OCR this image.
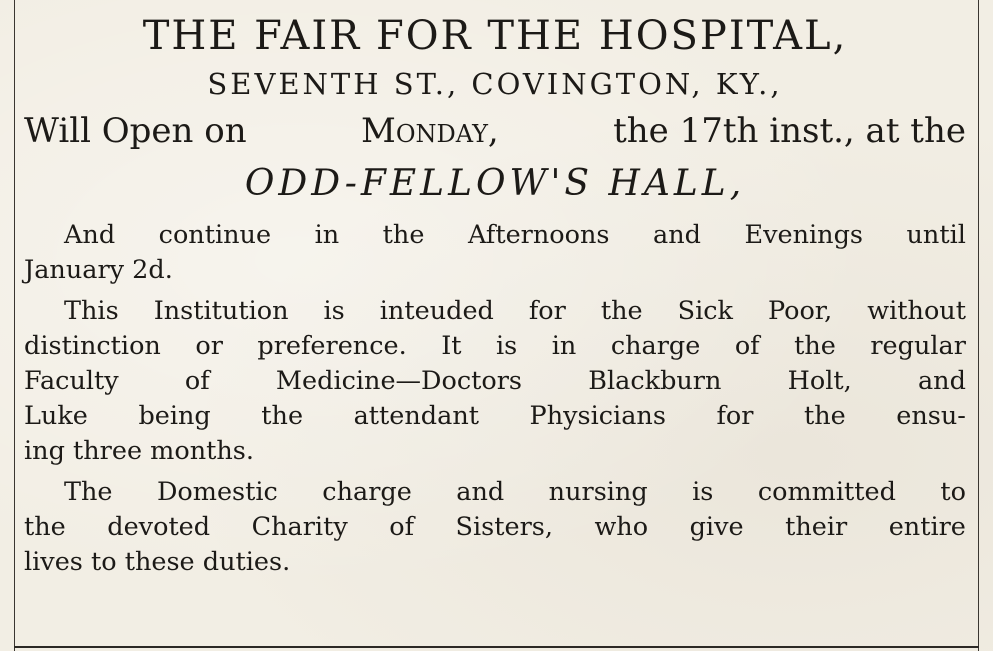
THE FAIR FOR THE HOSPITAL,
SEVENTH ST., COVINGTON, KY.,
Will Open on	Monday,	the 17th inst., at the
ODD-FELLOW'S HALL,
And continue in the Afternoons and Evenings until
January 2d.
This Institution is inteuded for the Sick Poor, without
distinction or preference. It is in charge of the regular
Faculty	of	Medicine—Doctors	Blackburn	Holt,	and
Luke being the attendant Physicians for the ensu-
ing three months.
The Domestic charge and nursing is committed to
the devoted Charity of Sisters, who give their entire
lives to these duties.
